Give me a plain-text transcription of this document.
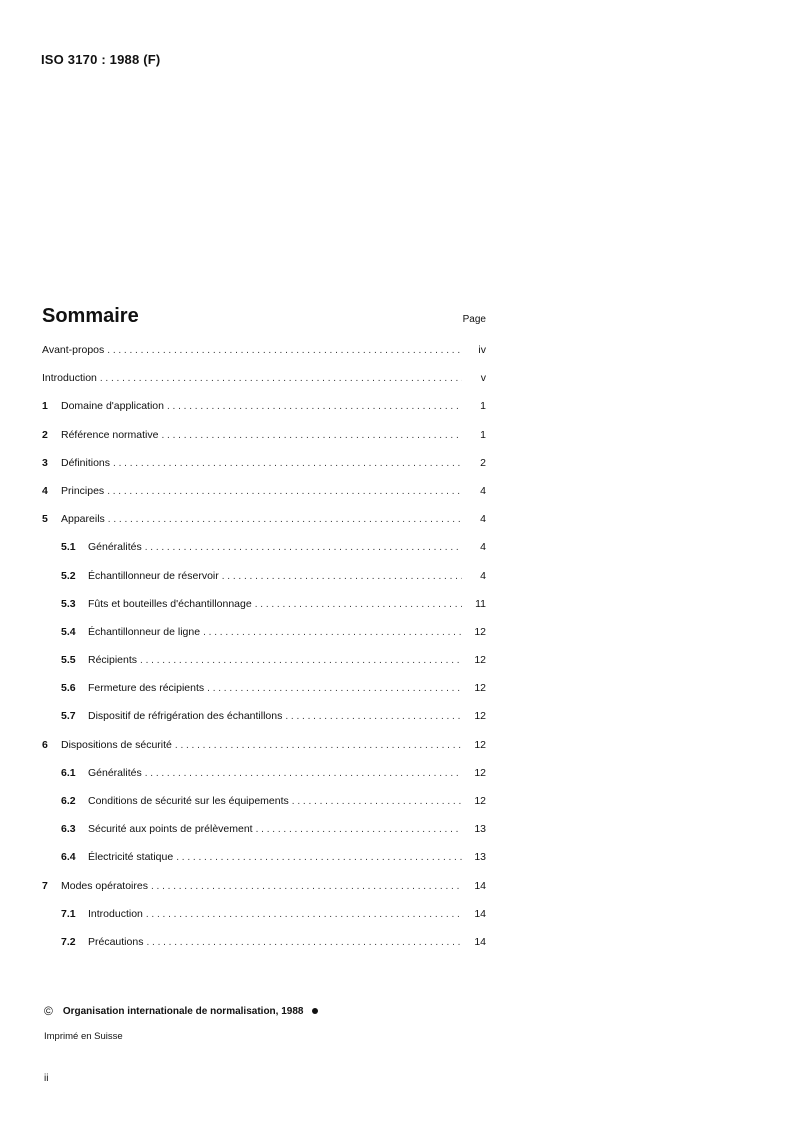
ISO 3170 : 1988 (F)
Sommaire	Page
Avant-propos . . .	iv
Introduction . . .	v
1	Domaine d'application . . .	1
2	Référence normative . . .	1
3	Définitions . . .	2
4	Principes . . .	4
5	Appareils . . .	4
5.1	Généralités . . .	4
5.2	Échantillonneur de réservoir . . .	4
5.3	Fûts et bouteilles d'échantillonnage . . .	11
5.4	Échantillonneur de ligne . . .	12
5.5	Récipients . . .	12
5.6	Fermeture des récipients . . .	12
5.7	Dispositif de réfrigération des échantillons . . .	12
6	Dispositions de sécurité . . .	12
6.1	Généralités . . .	12
6.2	Conditions de sécurité sur les équipements . . .	12
6.3	Sécurité aux points de prélèvement . . .	13
6.4	Électricité statique . . .	13
7	Modes opératoires . . .	14
7.1	Introduction . . .	14
7.2	Précautions . . .	14
© Organisation internationale de normalisation, 1988
Imprimé en Suisse
ii
